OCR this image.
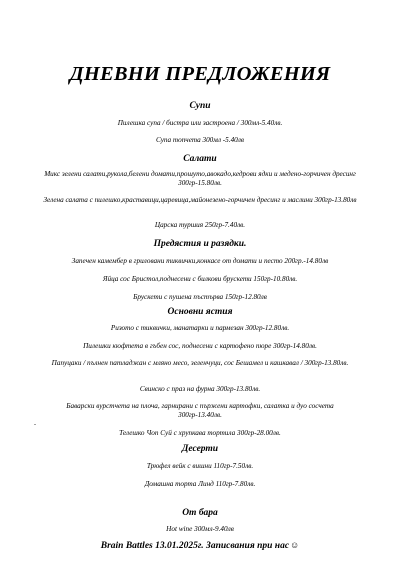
ДНЕВНИ ПРЕДЛОЖЕНИЯ
Супи
Пилешка супа / бистра или застроена / 300мл-5.40лв.
Супа топчета 300мл -5.40лв
Салати
Микс зелени салати,рукола,белени домати,прошуто,авокадо,кедрови ядки и медено-горчичен дресинг 300гр-15.80лв.
Зелена салата с пилешко,краставици,царевица,майонезено-горчичен дресинг и маслини 300гр-13.80лв
Царска туршия 250гр-7.40лв.
Предястия и разядки.
Запечен камембер в гриловани тиквички,конкасе от домати и песто 200гр.-14.80лв
Яйца сос Бристол,поднесени с билкови брускети 150гр-10.80лв.
Брускети с пушена пъстърва 150гр-12.80лв
Основни ястия
Ризото с тиквички, манатарки и пармезан 300гр-12.80лв.
Пилешки кюфтета в гъбен сос, поднесени с картофено пюре 300гр-14.80лв.
Папуцаки / пълнен патладжан с мляно месо, зеленчуци, сос Бешамел и кашкавал / 300гр-13.80лв.
Свинско с праз на фурна 300гр-13.80лв.
Баварски вурстчета на плоча, гарнирани с пържени картофки, салатка и дуо сосчета 300гр-13.40лв.
Телешко Чоп Суй с хрупкава тортила 300гр-28.00лв.
Десерти
Трюфел вейк с вишни 110гр-7.50лв.
Домашна торта Линд 110гр-7.80лв.
.
От бара
Hot wine 300мл-9.40лв
Brain Battles 13.01.2025г. Записвания при нас☺
